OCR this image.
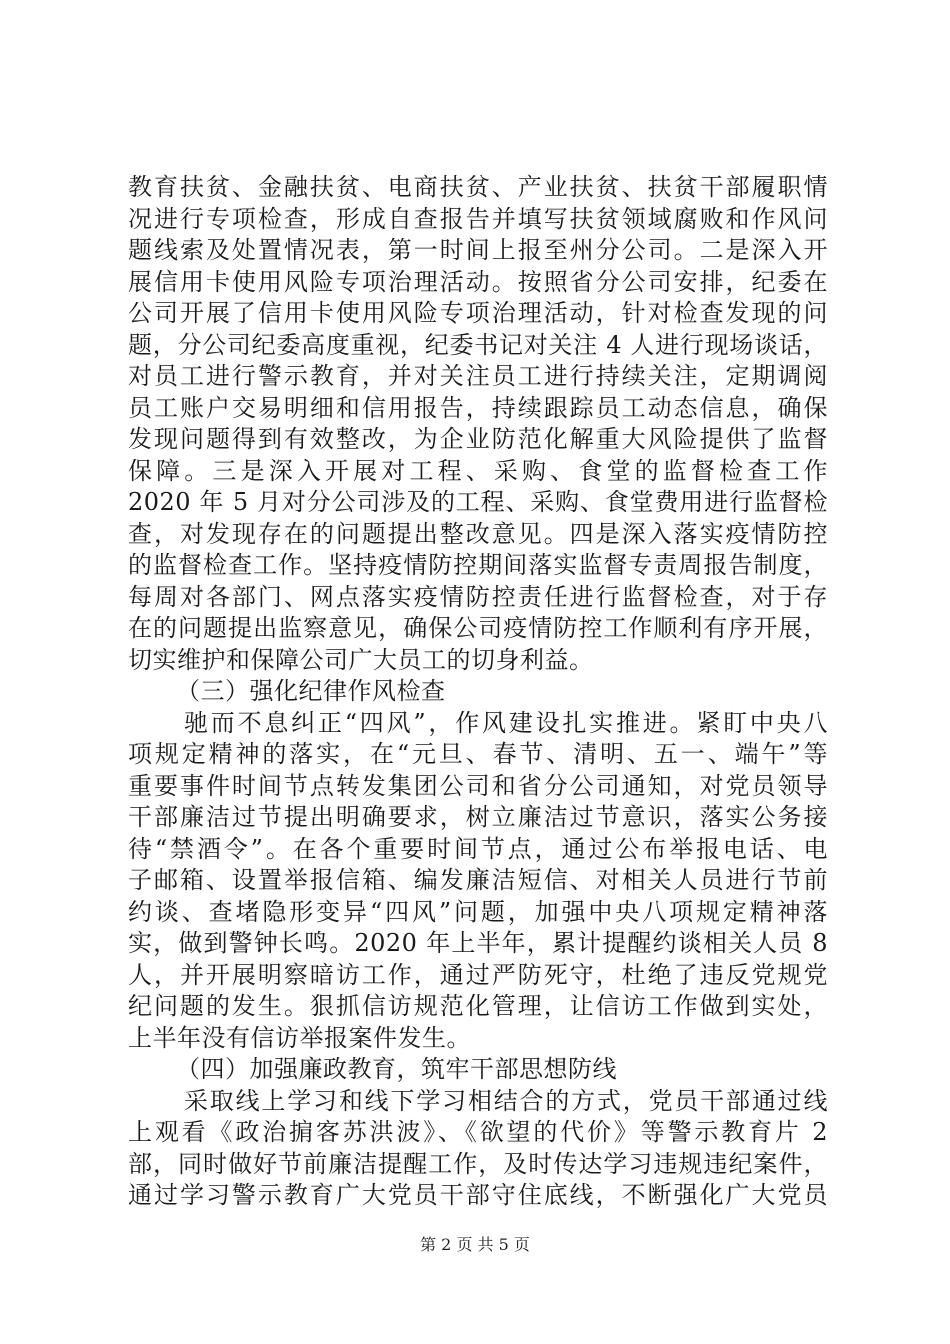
教育扶贫、金融扶贫、电商扶贫、产业扶贫、扶贫干部履职情
况进行专项检查，形成自查报告并填写扶贫领域腐败和作风问
题线索及处置情况表，第一时间上报至州分公司。二是深入开
展信用卡使用风险专项治理活动。按照省分公司安排，纪委在
公司开展了信用卡使用风险专项治理活动，针对检查发现的问
题，分公司纪委高度重视，纪委书记对关注 4 人进行现场谈话，
对员工进行警示教育，并对关注员工进行持续关注，定期调阅
员工账户交易明细和信用报告，持续跟踪员工动态信息，确保
发现问题得到有效整改，为企业防范化解重大风险提供了监督
保障。三是深入开展对工程、采购、食堂的监督检查工作
2020 年 5 月对分公司涉及的工程、采购、食堂费用进行监督检
查，对发现存在的问题提出整改意见。四是深入落实疫情防控
的监督检查工作。坚持疫情防控期间落实监督专责周报告制度，
每周对各部门、网点落实疫情防控责任进行监督检查，对于存
在的问题提出监察意见，确保公司疫情防控工作顺利有序开展，
切实维护和保障公司广大员工的切身利益。
（三）强化纪律作风检查
驰而不息纠正“四风”，作风建设扎实推进。紧盯中央八
项规定精神的落实，在“元旦、春节、清明、五一、端午”等
重要事件时间节点转发集团公司和省分公司通知，对党员领导
干部廉洁过节提出明确要求，树立廉洁过节意识，落实公务接
待“禁酒令”。在各个重要时间节点，通过公布举报电话、电
子邮箱、设置举报信箱、编发廉洁短信、对相关人员进行节前
约谈、查堵隐形变异“四风”问题，加强中央八项规定精神落
实，做到警钟长鸣。2020 年上半年，累计提醒约谈相关人员 8
人，并开展明察暗访工作，通过严防死守，杜绝了违反党规党
纪问题的发生。狠抓信访规范化管理，让信访工作做到实处，
上半年没有信访举报案件发生。
（四）加强廉政教育，筑牢干部思想防线
采取线上学习和线下学习相结合的方式，党员干部通过线
上观看《政治掮客苏洪波》、《欲望的代价》等警示教育片 2
部，同时做好节前廉洁提醒工作，及时传达学习违规违纪案件，
通过学习警示教育广大党员干部守住底线，不断强化广大党员
第 2 页 共 5 页
